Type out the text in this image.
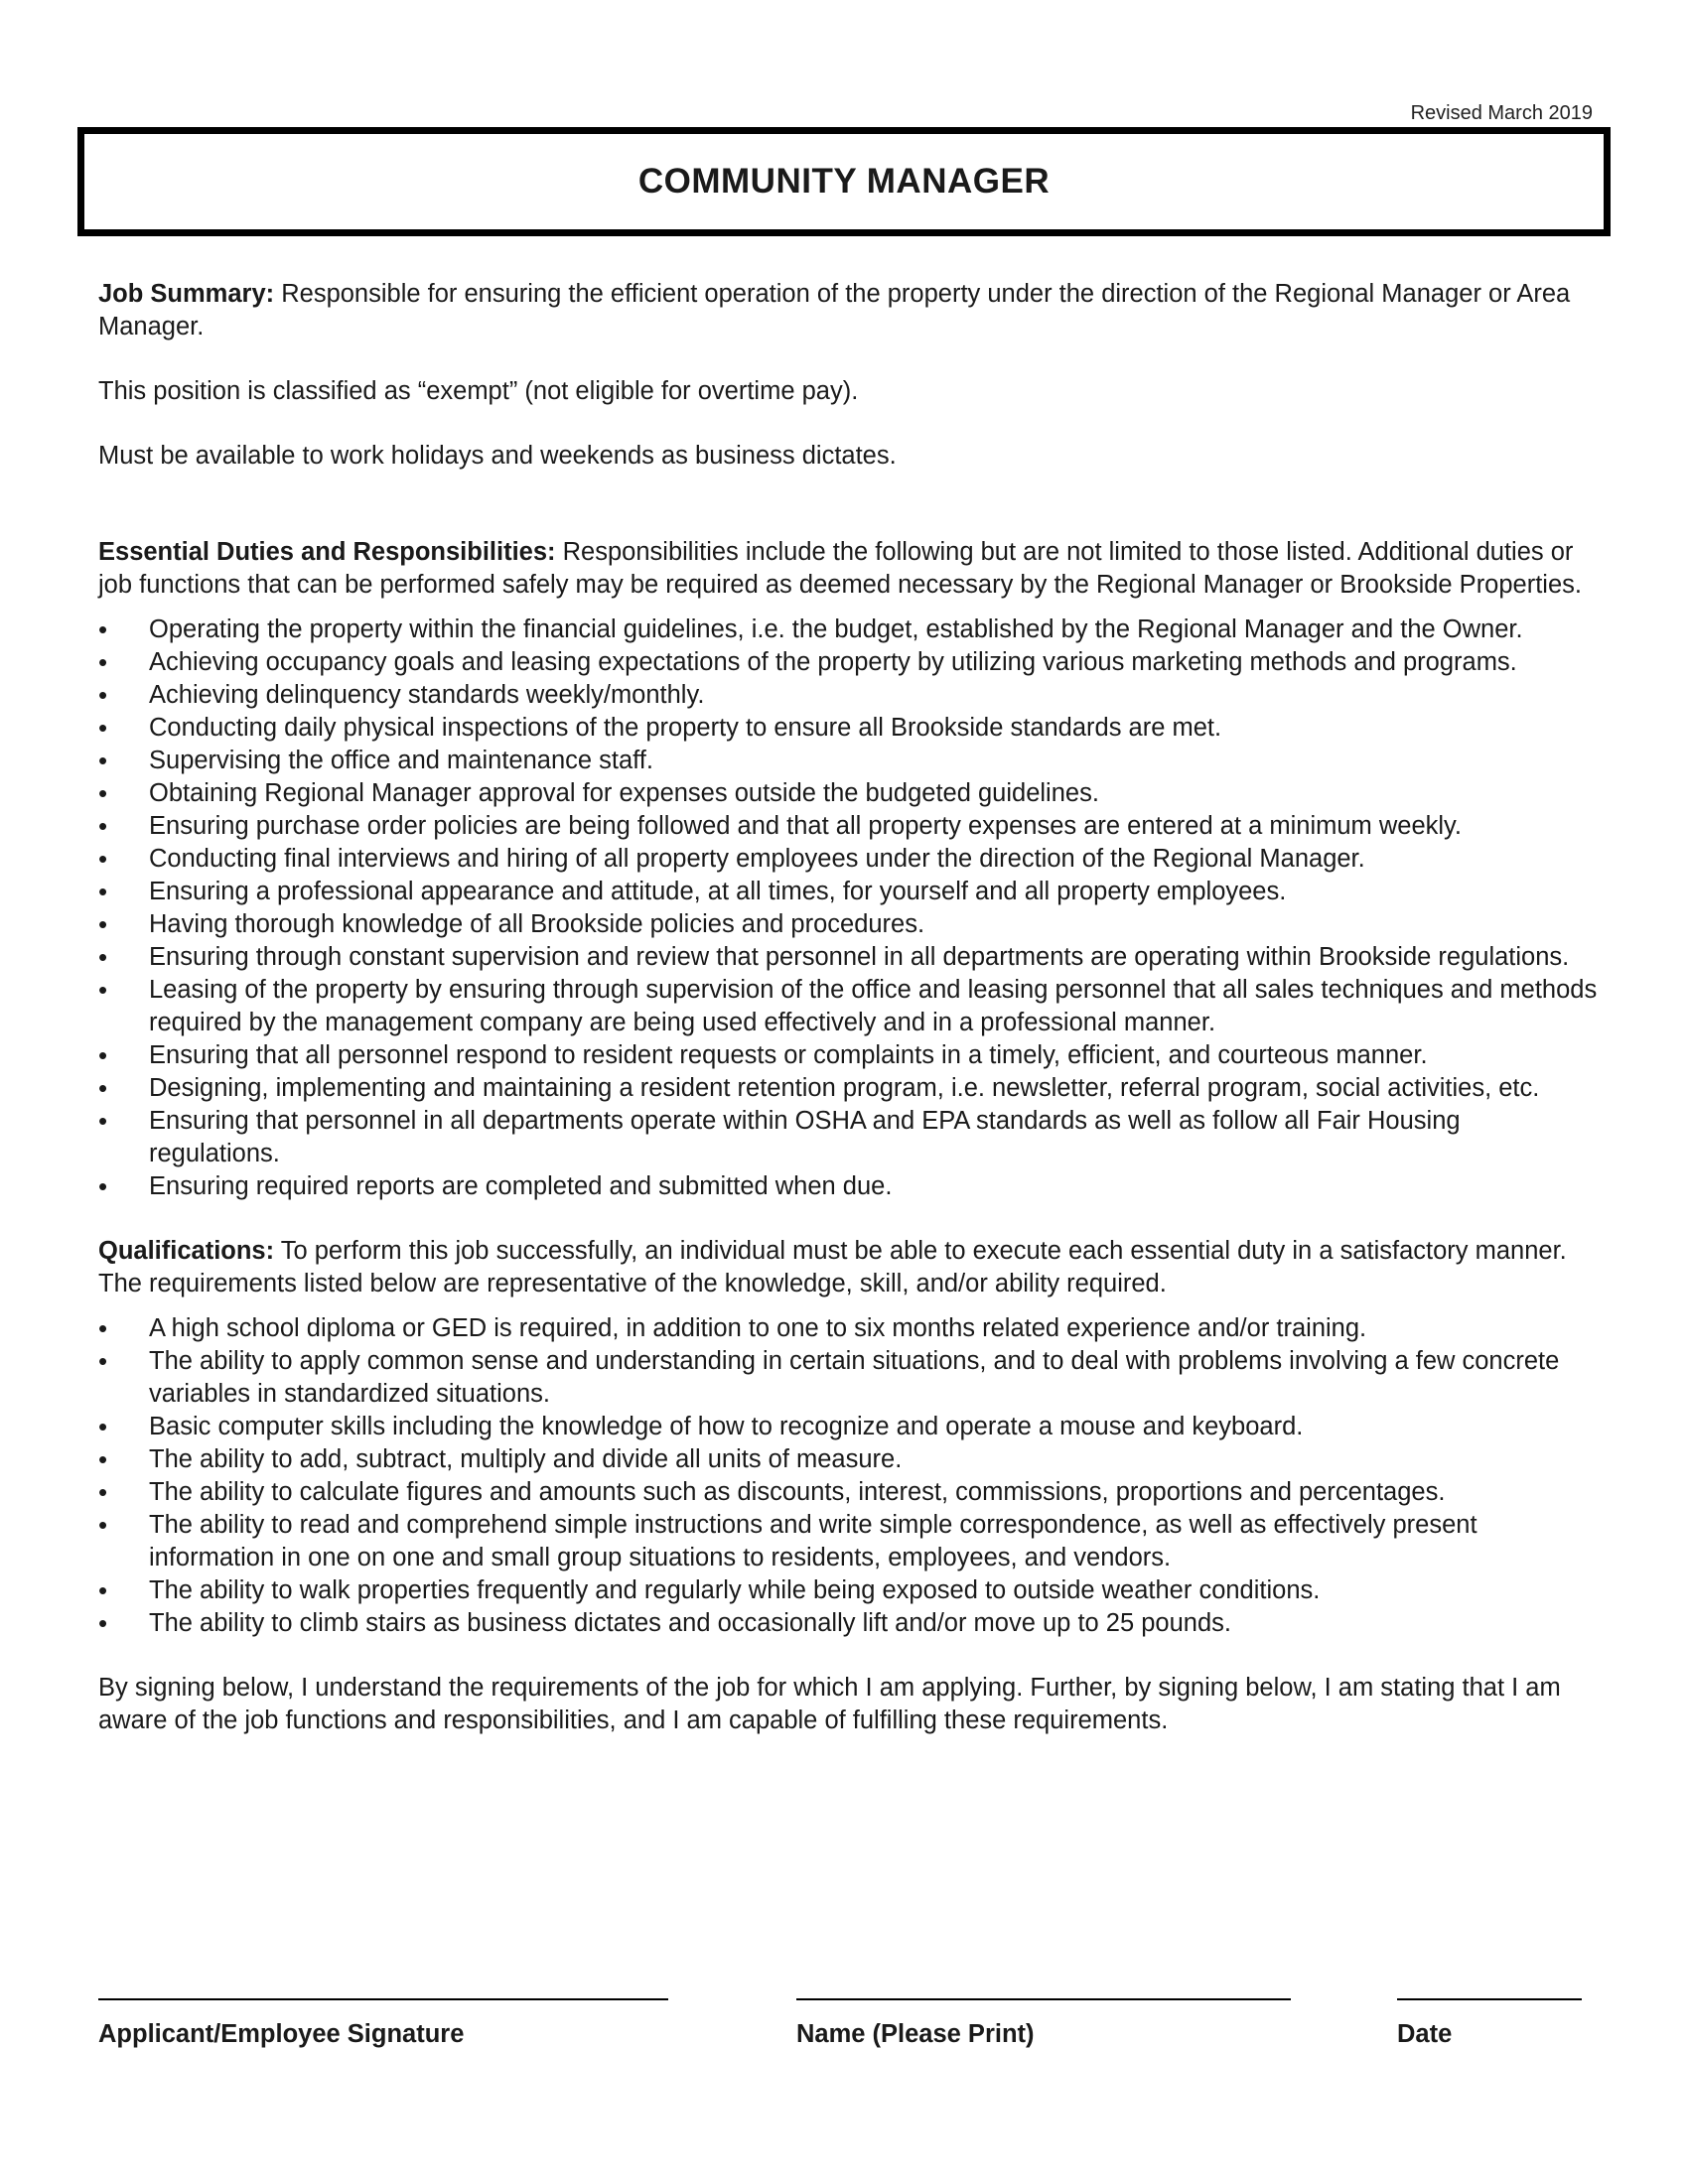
Revised March 2019
COMMUNITY MANAGER

Job Summary: Responsible for ensuring the efficient operation of the property under the direction of the Regional Manager or Area Manager.

This position is classified as “exempt” (not eligible for overtime pay).

Must be available to work holidays and weekends as business dictates.

Essential Duties and Responsibilities: Responsibilities include the following but are not limited to those listed. Additional duties or job functions that can be performed safely may be required as deemed necessary by the Regional Manager or Brookside Properties.

• Operating the property within the financial guidelines, i.e. the budget, established by the Regional Manager and the Owner.
• Achieving occupancy goals and leasing expectations of the property by utilizing various marketing methods and programs.
• Achieving delinquency standards weekly/monthly.
• Conducting daily physical inspections of the property to ensure all Brookside standards are met.
• Supervising the office and maintenance staff.
• Obtaining Regional Manager approval for expenses outside the budgeted guidelines.
• Ensuring purchase order policies are being followed and that all property expenses are entered at a minimum weekly.
• Conducting final interviews and hiring of all property employees under the direction of the Regional Manager.
• Ensuring a professional appearance and attitude, at all times, for yourself and all property employees.
• Having thorough knowledge of all Brookside policies and procedures.
• Ensuring through constant supervision and review that personnel in all departments are operating within Brookside regulations.
• Leasing of the property by ensuring through supervision of the office and leasing personnel that all sales techniques and methods required by the management company are being used effectively and in a professional manner.
• Ensuring that all personnel respond to resident requests or complaints in a timely, efficient, and courteous manner.
• Designing, implementing and maintaining a resident retention program, i.e. newsletter, referral program, social activities, etc.
• Ensuring that personnel in all departments operate within OSHA and EPA standards as well as follow all Fair Housing regulations.
• Ensuring required reports are completed and submitted when due.

Qualifications: To perform this job successfully, an individual must be able to execute each essential duty in a satisfactory manner. The requirements listed below are representative of the knowledge, skill, and/or ability required.

• A high school diploma or GED is required, in addition to one to six months related experience and/or training.
• The ability to apply common sense and understanding in certain situations, and to deal with problems involving a few concrete variables in standardized situations.
• Basic computer skills including the knowledge of how to recognize and operate a mouse and keyboard.
• The ability to add, subtract, multiply and divide all units of measure.
• The ability to calculate figures and amounts such as discounts, interest, commissions, proportions and percentages.
• The ability to read and comprehend simple instructions and write simple correspondence, as well as effectively present information in one on one and small group situations to residents, employees, and vendors.
• The ability to walk properties frequently and regularly while being exposed to outside weather conditions.
• The ability to climb stairs as business dictates and occasionally lift and/or move up to 25 pounds.

By signing below, I understand the requirements of the job for which I am applying. Further, by signing below, I am stating that I am aware of the job functions and responsibilities, and I am capable of fulfilling these requirements.

Applicant/Employee Signature	Name (Please Print)	Date
